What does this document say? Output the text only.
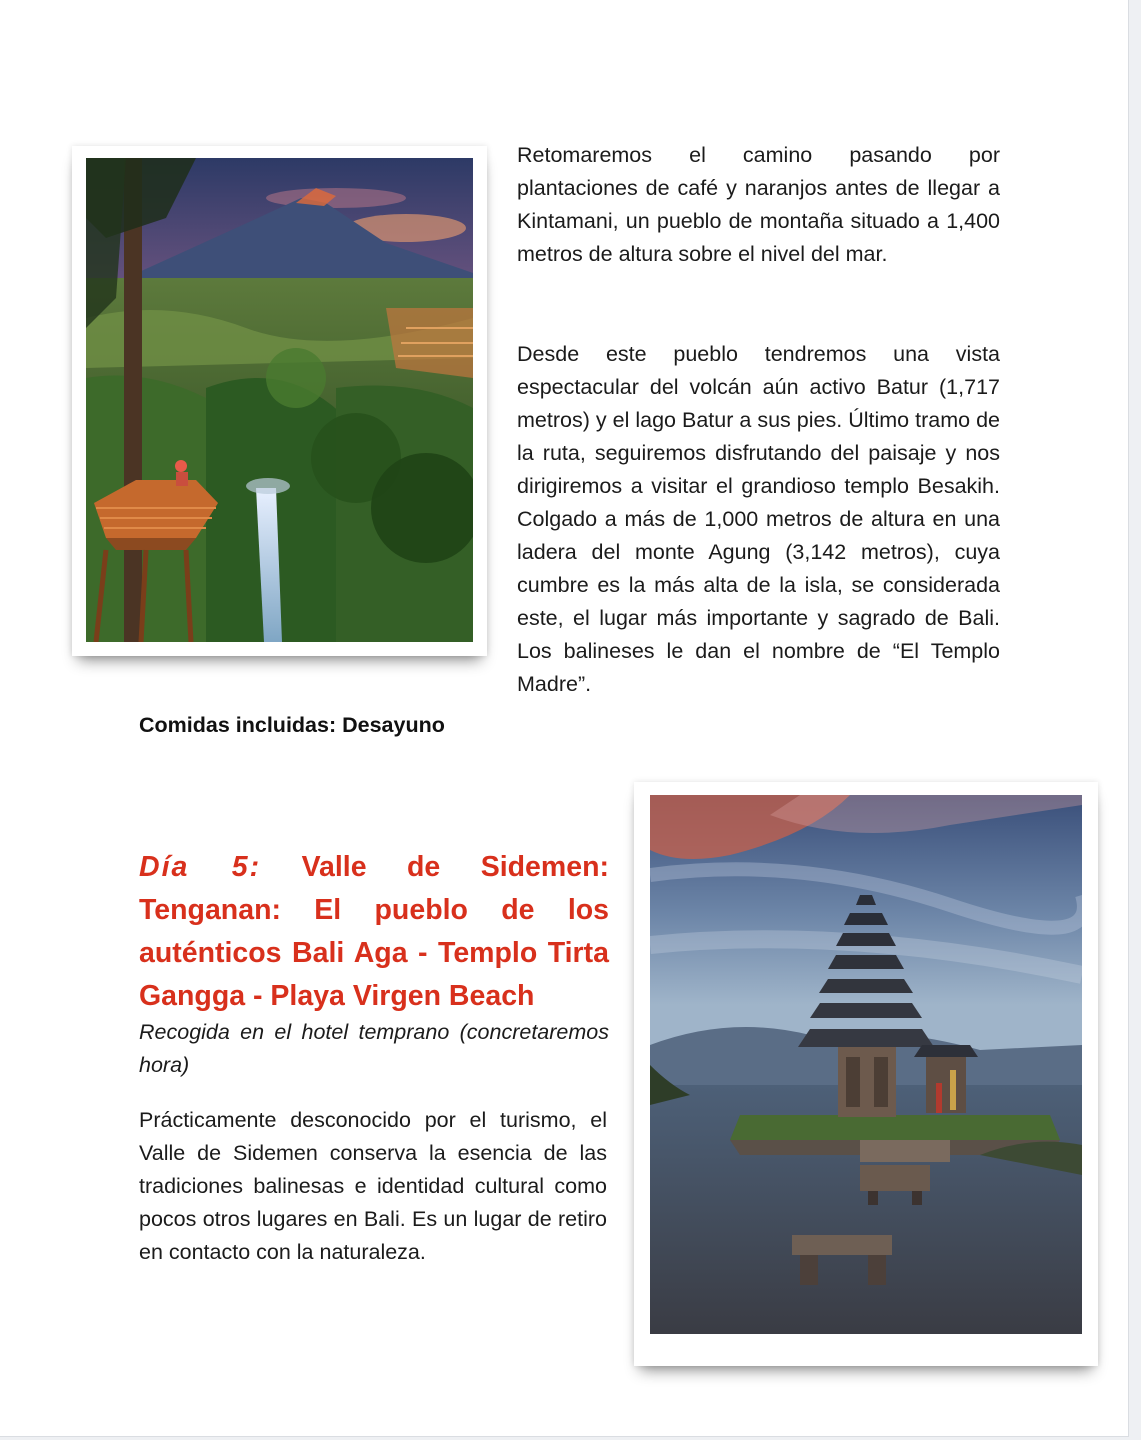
Retomaremos el camino pasando por plantaciones de café y naranjos antes de llegar a Kintamani, un pueblo de montaña situado a 1,400 metros de altura sobre el nivel del mar.

Desde este pueblo tendremos una vista espectacular del volcán aún activo Batur (1,717 metros) y el lago Batur a sus pies. Último tramo de la ruta, seguiremos disfrutando del paisaje y nos dirigiremos a visitar el grandioso templo Besakih. Colgado a más de 1,000 metros de altura en una ladera del monte Agung (3,142 metros), cuya cumbre es la más alta de la isla, se considerada este, el lugar más importante y sagrado de Bali. Los balineses le dan el nombre de “El Templo Madre”.

Comidas incluidas: Desayuno
Día 5: Valle de Sidemen: Tenganan: El pueblo de los auténticos Bali Aga - Templo Tirta Gangga - Playa Virgen Beach
Recogida en el hotel temprano (concretaremos hora)

Prácticamente desconocido por el turismo, el Valle de Sidemen conserva la esencia de las tradiciones balinesas e identidad cultural como pocos otros lugares en Bali. Es un lugar de retiro en contacto con la naturaleza.
